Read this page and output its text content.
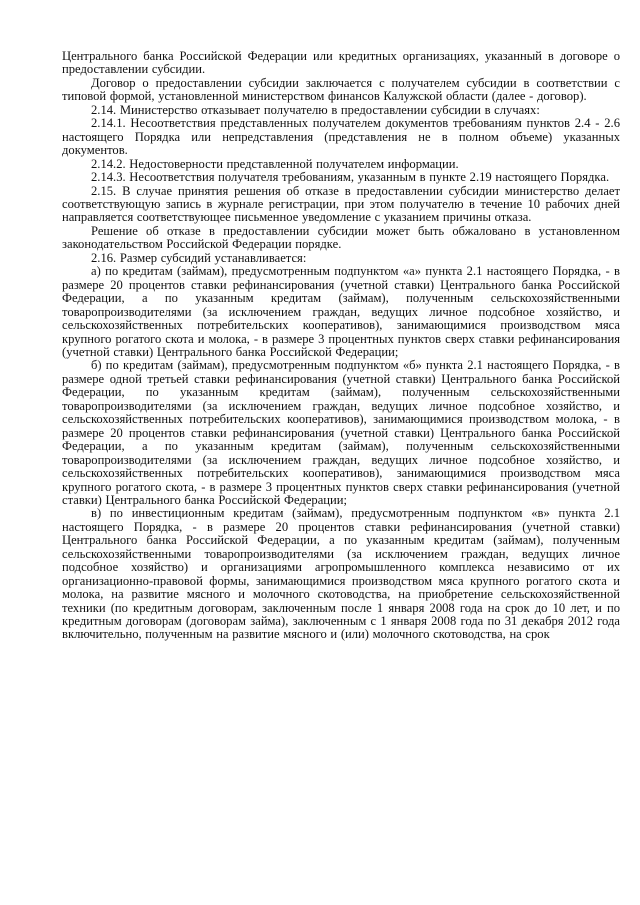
Центрального банка Российской Федерации или кредитных организациях, указанный в договоре о предоставлении субсидии.

Договор о предоставлении субсидии заключается с получателем субсидии в соответствии с типовой формой, установленной министерством финансов Калужской области (далее - договор).

2.14. Министерство отказывает получателю в предоставлении субсидии в случаях:

2.14.1. Несоответствия представленных получателем документов требованиям пунктов 2.4 - 2.6 настоящего Порядка или непредставления (представления не в полном объеме) указанных документов.

2.14.2. Недостоверности представленной получателем информации.

2.14.3. Несоответствия получателя требованиям, указанным в пункте 2.19 настоящего Порядка.

2.15. В случае принятия решения об отказе в предоставлении субсидии министерство делает соответствующую запись в журнале регистрации, при этом получателю в течение 10 рабочих дней направляется соответствующее письменное уведомление с указанием причины отказа.

Решение об отказе в предоставлении субсидии может быть обжаловано в установленном законодательством Российской Федерации порядке.

2.16. Размер субсидий устанавливается:

а) по кредитам (займам), предусмотренным подпунктом «а» пункта 2.1 настоящего Порядка, - в размере 20 процентов ставки рефинансирования (учетной ставки) Центрального банка Российской Федерации, а по указанным кредитам (займам), полученным сельскохозяйственными товаропроизводителями (за исключением граждан, ведущих личное подсобное хозяйство, и сельскохозяйственных потребительских кооперативов), занимающимися производством мяса крупного рогатого скота и молока, - в размере 3 процентных пунктов сверх ставки рефинансирования (учетной ставки) Центрального банка Российской Федерации;

б) по кредитам (займам), предусмотренным подпунктом «б» пункта 2.1 настоящего Порядка, - в размере одной третьей ставки рефинансирования (учетной ставки) Центрального банка Российской Федерации, по указанным кредитам (займам), полученным сельскохозяйственными товаропроизводителями (за исключением граждан, ведущих личное подсобное хозяйство, и сельскохозяйственных потребительских кооперативов), занимающимися производством молока, - в размере 20 процентов ставки рефинансирования (учетной ставки) Центрального банка Российской Федерации, а по указанным кредитам (займам), полученным сельскохозяйственными товаропроизводителями (за исключением граждан, ведущих личное подсобное хозяйство, и сельскохозяйственных потребительских кооперативов), занимающимися производством мяса крупного рогатого скота, - в размере 3 процентных пунктов сверх ставки рефинансирования (учетной ставки) Центрального банка Российской Федерации;

в) по инвестиционным кредитам (займам), предусмотренным подпунктом «в» пункта 2.1 настоящего Порядка, - в размере 20 процентов ставки рефинансирования (учетной ставки) Центрального банка Российской Федерации, а по указанным кредитам (займам), полученным сельскохозяйственными товаропроизводителями (за исключением граждан, ведущих личное подсобное хозяйство) и организациями агропромышленного комплекса независимо от их организационно-правовой формы, занимающимися производством мяса крупного рогатого скота и молока, на развитие мясного и молочного скотоводства, на приобретение сельскохозяйственной техники (по кредитным договорам, заключенным после 1 января 2008 года на срок до 10 лет, и по кредитным договорам (договорам займа), заключенным с 1 января 2008 года по 31 декабря 2012 года включительно, полученным на развитие мясного и (или) молочного скотоводства, на срок
